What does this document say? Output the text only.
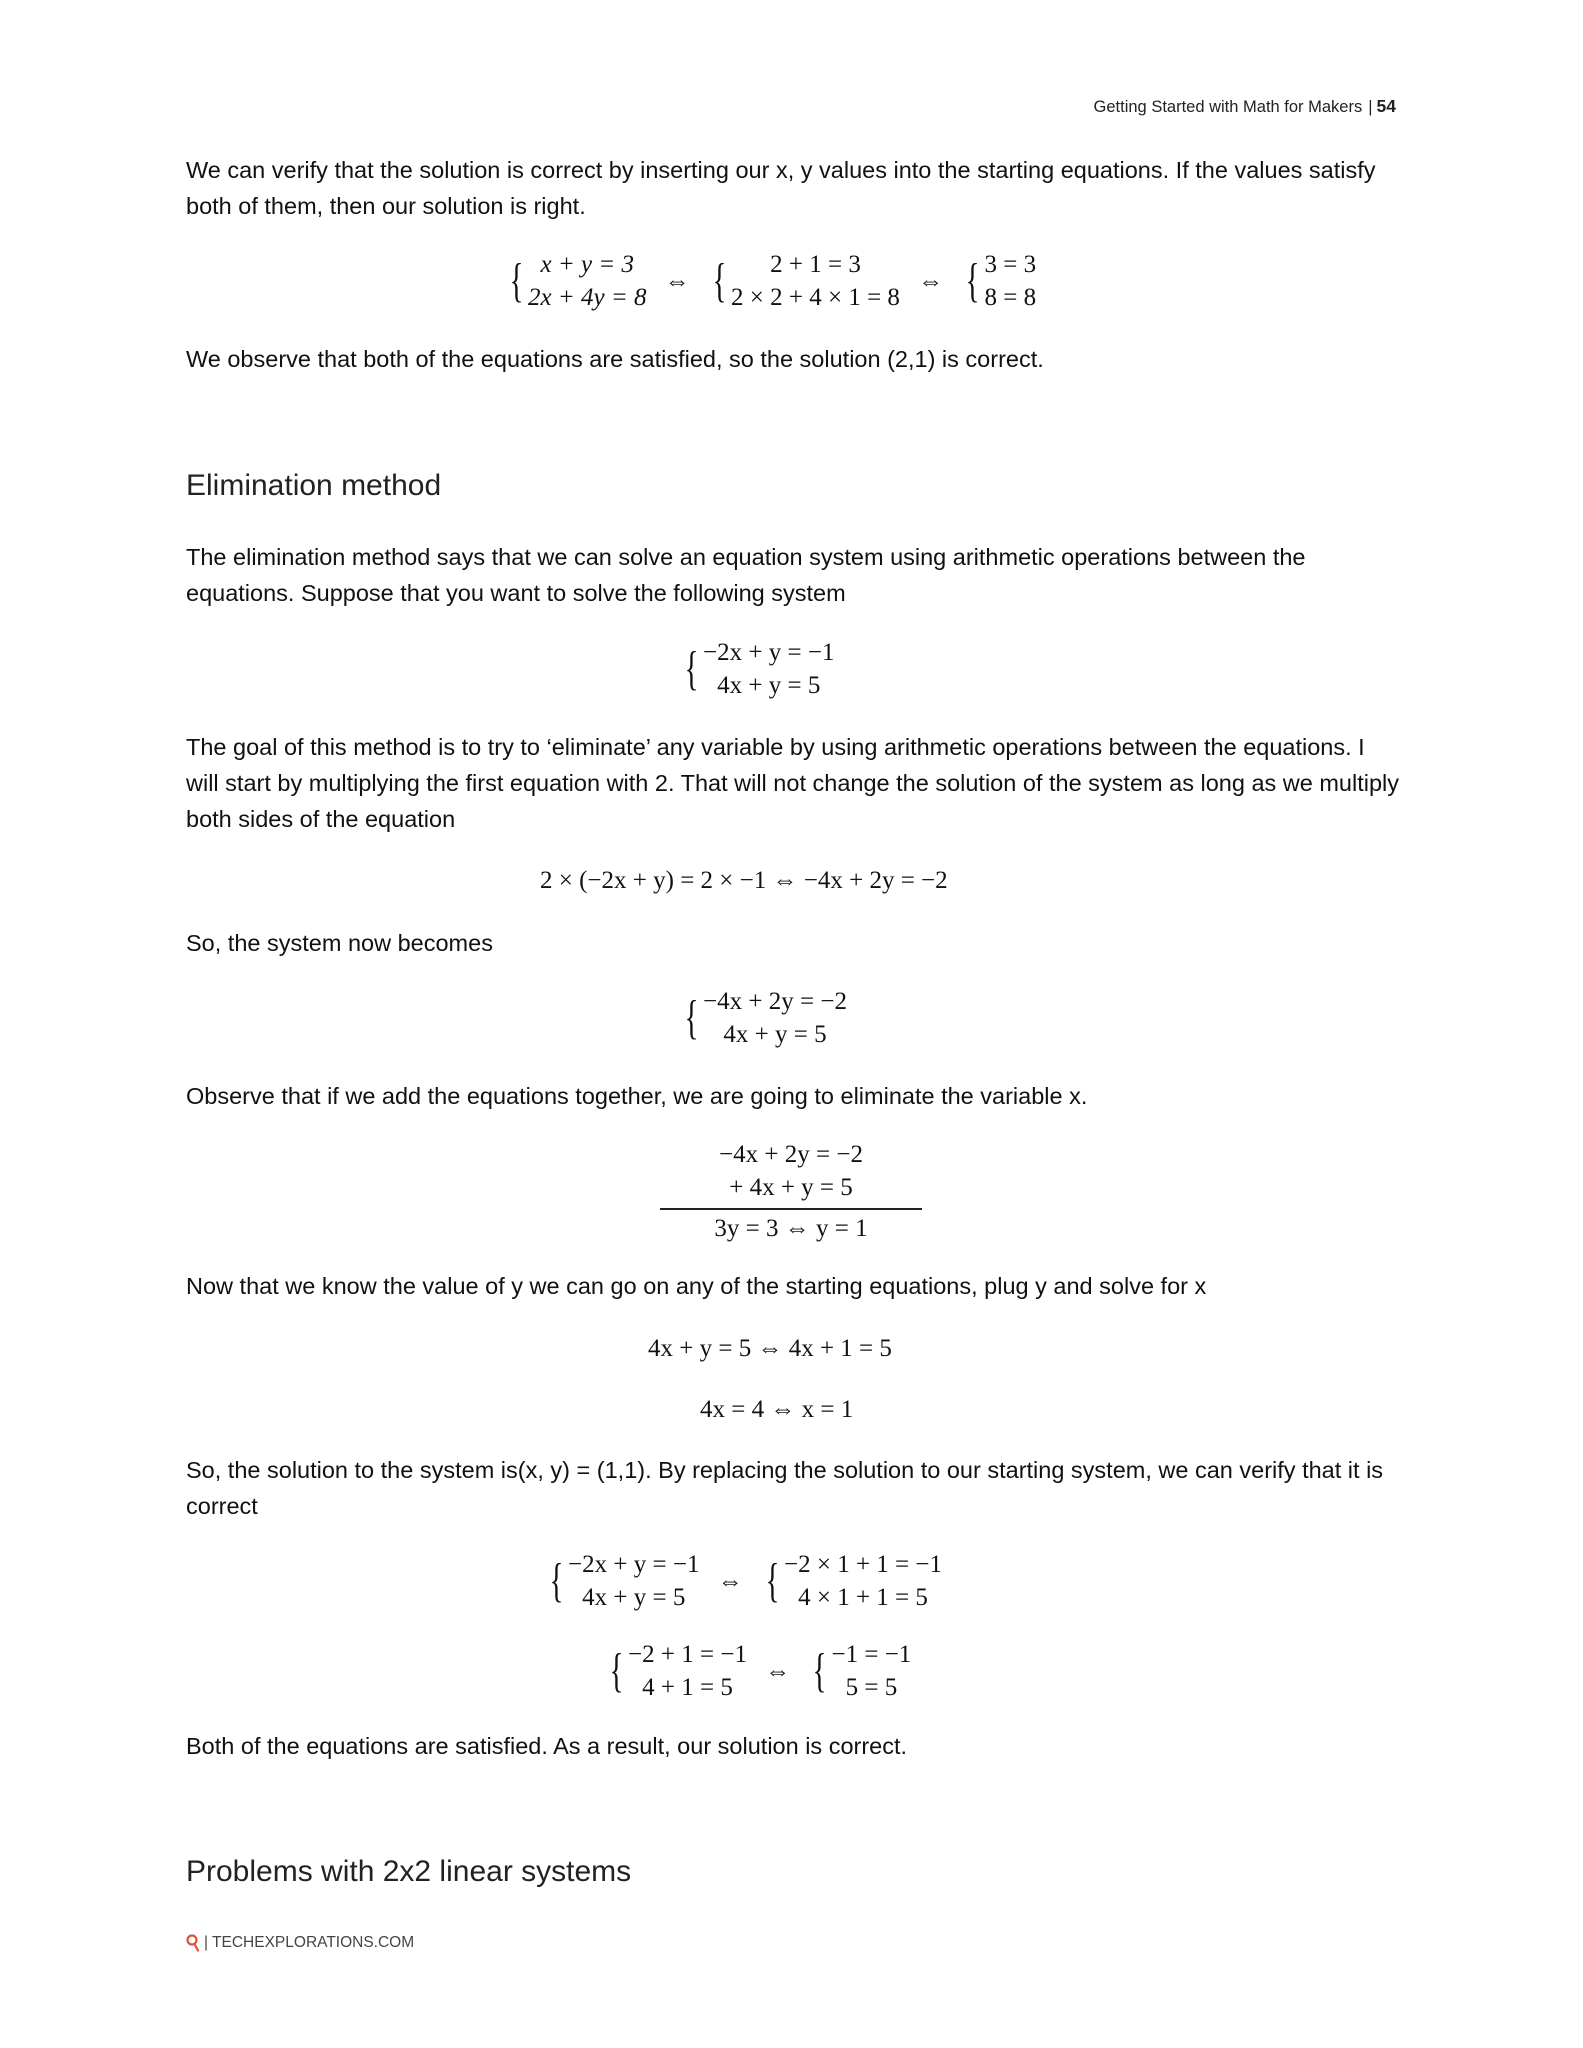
Getting Started with Math for Makers | 54
We can verify that the solution is correct by inserting our x, y values into the starting equations. If the values satisfy both of them, then our solution is right.
{ x + y = 3
2x + 4y = 8
⇔ {	2 + 1 = 3
2 × 2 + 4 × 1 = 8
⇔ { 3 = 3
8 = 8
We observe that both of the equations are satisfied, so the solution (2,1) is correct.
Elimination method
The elimination method says that we can solve an equation system using arithmetic operations between the equations. Suppose that you want to solve the following system
{ −2x + y = −1
4x + y = 5
The goal of this method is to try to ‘eliminate’ any variable by using arithmetic operations between the equations. I will start by multiplying the first equation with 2. That will not change the solution of the system as long as we multiply both sides of the equation
2 × (−2x + y) = 2 × −1 ⇔ −4x + 2y = −2
So, the system now becomes
{ −4x + 2y = −2
4x + y = 5
Observe that if we add the equations together, we are going to eliminate the variable x.
−4x + 2y = −2
+ 4x + y = 5
3y = 3 ⇔ y = 1
Now that we know the value of y we can go on any of the starting equations, plug y and solve for x
4x + y = 5 ⇔ 4x + 1 = 5
4x = 4 ⇔ x = 1
So, the solution to the system is(x, y) = (1,1). By replacing the solution to our starting system, we can verify that it is correct
{ −2x + y = −1
4x + y = 5
⇔ { −2 × 1 + 1 = −1
4 × 1 + 1 = 5
{ −2 + 1 = −1
4 + 1 = 5
⇔ { −1 = −1
5 = 5
Both of the equations are satisfied. As a result, our solution is correct.
Problems with 2x2 linear systems
| TECHEXPLORATIONS.COM
